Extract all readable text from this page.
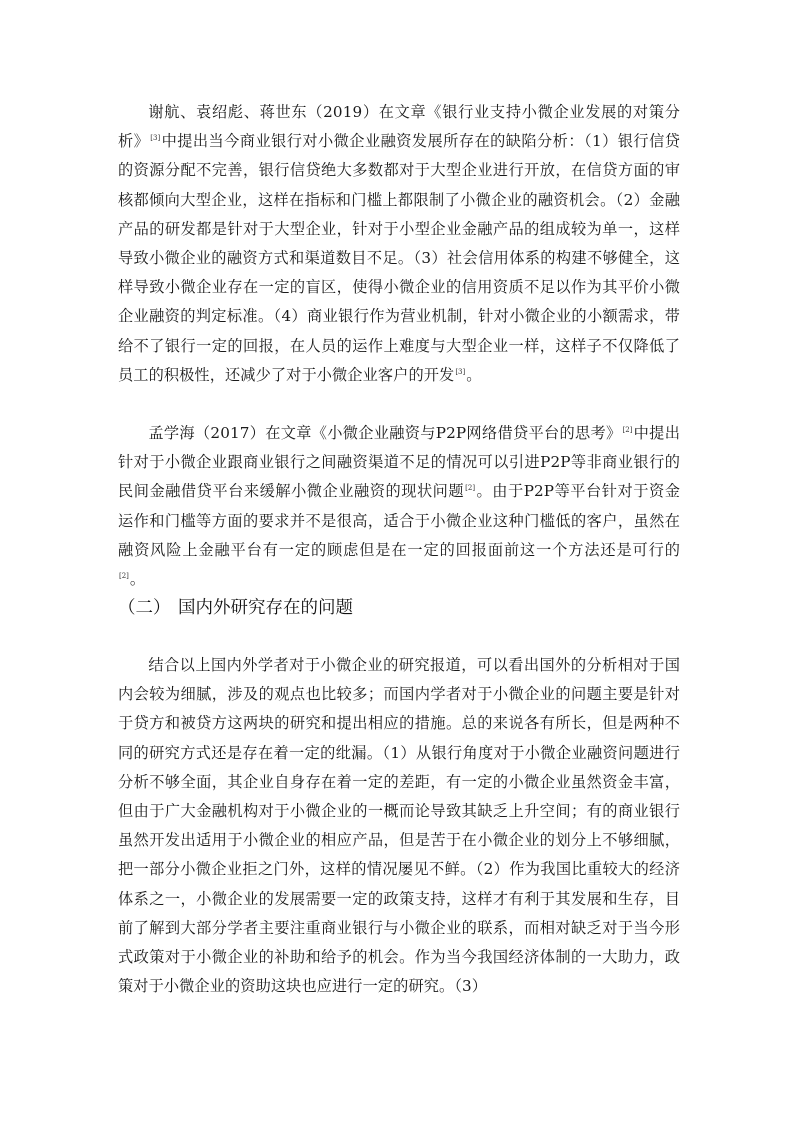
谢航、袁绍彪、蒋世东（2019）在文章《银行业支持小微企业发展的对策分析》[3]中提出当今商业银行对小微企业融资发展所存在的缺陷分析：（1）银行信贷的资源分配不完善，银行信贷绝大多数都对于大型企业进行开放，在信贷方面的审核都倾向大型企业，这样在指标和门槛上都限制了小微企业的融资机会。（2）金融产品的研发都是针对于大型企业，针对于小型企业金融产品的组成较为单一，这样导致小微企业的融资方式和渠道数目不足。（3）社会信用体系的构建不够健全，这样导致小微企业存在一定的盲区，使得小微企业的信用资质不足以作为其平价小微企业融资的判定标准。（4）商业银行作为营业机制，针对小微企业的小额需求，带给不了银行一定的回报，在人员的运作上难度与大型企业一样，这样子不仅降低了员工的积极性，还减少了对于小微企业客户的开发[3]。

孟学海（2017）在文章《小微企业融资与P2P网络借贷平台的思考》[2]中提出针对于小微企业跟商业银行之间融资渠道不足的情况可以引进P2P等非商业银行的民间金融借贷平台来缓解小微企业融资的现状问题[2]。由于P2P等平台针对于资金运作和门槛等方面的要求并不是很高，适合于小微企业这种门槛低的客户，虽然在融资风险上金融平台有一定的顾虑但是在一定的回报面前这一个方法还是可行的[2]。

（二） 国内外研究存在的问题

结合以上国内外学者对于小微企业的研究报道，可以看出国外的分析相对于国内会较为细腻，涉及的观点也比较多；而国内学者对于小微企业的问题主要是针对于贷方和被贷方这两块的研究和提出相应的措施。总的来说各有所长，但是两种不同的研究方式还是存在着一定的纰漏。（1）从银行角度对于小微企业融资问题进行分析不够全面，其企业自身存在着一定的差距，有一定的小微企业虽然资金丰富，但由于广大金融机构对于小微企业的一概而论导致其缺乏上升空间；有的商业银行虽然开发出适用于小微企业的相应产品，但是苦于在小微企业的划分上不够细腻，把一部分小微企业拒之门外，这样的情况屡见不鲜。（2）作为我国比重较大的经济体系之一，小微企业的发展需要一定的政策支持，这样才有利于其发展和生存，目前了解到大部分学者主要注重商业银行与小微企业的联系，而相对缺乏对于当今形式政策对于小微企业的补助和给予的机会。作为当今我国经济体制的一大助力，政策对于小微企业的资助这块也应进行一定的研究。（3）
